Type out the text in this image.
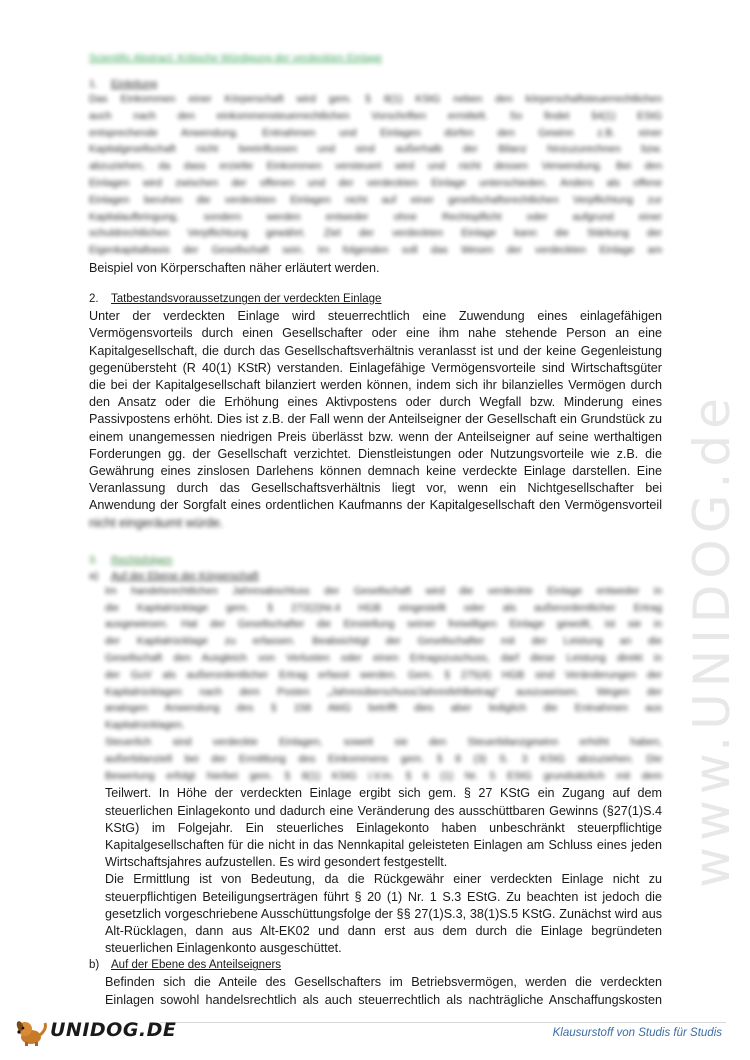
www.UNIDOG.de
Scientific Abstract: Kritische Würdigung der verdeckten Einlage
1. Einleitung
Das Einkommen einer Körperschaft wird gem. § 8(1) KStG neben den körperschaftsteuerrechtlichen
auch nach den einkommensteuerrechtlichen Vorschriften ermittelt. So findet §4(1) EStG
entsprechende Anwendung. Entnahmen und Einlagen dürfen den Gewinn z.B. einer
Kapitalgesellschaft nicht beeinflussen und sind außerhalb der Bilanz hinzuzurechnen bzw.
abzuziehen, da dass erzielte Einkommen versteuert wird und nicht dessen Verwendung. Bei den
Einlagen wird zwischen der offenen und der verdeckten Einlage unterschieden. Anders als offene
Einlagen beruhen die verdeckten Einlagen nicht auf einer gesellschaftsrechtlichen Verpflichtung zur
Kapitalaufbringung, sondern werden entweder ohne Rechtspflicht oder aufgrund einer
schuldrechtlichen Verpflichtung gewährt. Ziel der verdeckten Einlage kann die Stärkung der
Eigenkapitalbasis der Gesellschaft sein. Im folgenden soll das Wesen der verdeckten Einlage am
Beispiel von Körperschaften näher erläutert werden.
2. Tatbestandsvoraussetzungen der verdeckten Einlage
Unter der verdeckten Einlage wird steuerrechtlich eine Zuwendung eines einlagefähigen
Vermögensvorteils durch einen Gesellschafter oder eine ihm nahe stehende Person an eine
Kapitalgesellschaft, die durch das Gesellschaftsverhältnis veranlasst ist und der keine Gegenleistung
gegenübersteht (R 40(1) KStR) verstanden. Einlagefähige Vermögensvorteile sind Wirtschaftsgüter
die bei der Kapitalgesellschaft bilanziert werden können, indem sich ihr bilanzielles Vermögen durch
den Ansatz oder die Erhöhung eines Aktivpostens oder durch Wegfall bzw. Minderung eines
Passivpostens erhöht. Dies ist z.B. der Fall wenn der Anteilseigner der Gesellschaft ein Grundstück zu
einem unangemessen niedrigen Preis überlässt bzw. wenn der Anteilseigner auf seine werthaltigen
Forderungen gg. der Gesellschaft verzichtet. Dienstleistungen oder Nutzungsvorteile wie z.B. die
Gewährung eines zinslosen Darlehens können demnach keine verdeckte Einlage darstellen. Eine
Veranlassung durch das Gesellschaftsverhältnis liegt vor, wenn ein Nichtgesellschafter bei
Anwendung der Sorgfalt eines ordentlichen Kaufmanns der Kapitalgesellschaft den Vermögensvorteil
nicht eingeräumt würde.
3. Rechtsfolgen
a) Auf der Ebene der Körperschaft
Im handelsrechtlichen Jahresabschluss der Gesellschaft wird die verdeckte Einlage entweder in
die Kapitalrücklage gem. § 272(2)Nr.4 HGB eingestellt oder als außerordentlicher Ertrag
ausgewiesen. Hat der Gesellschafter die Einstellung seiner freiwilligen Einlage gewollt, ist sie in
der Kapitalrücklage zu erfassen. Beabsichtigt der Gesellschafter mit der Leistung an die
Gesellschaft den Ausgleich von Verlusten oder einen Ertragszuschuss, darf diese Leistung direkt in
der GuV als außerordentlicher Ertrag erfasst werden. Gem. § 275(4) HGB sind Veränderungen der
Kapitalrücklagen nach dem Posten „Jahresüberschuss/Jahresfehlbetrag“ auszuweisen. Wegen der
analogen Anwendung des § 158 AktG betrifft dies aber lediglich die Entnahmen aus
Kapitalrücklagen.
Steuerlich sind verdeckte Einlagen, soweit sie den Steuerbilanzgewinn erhöht haben,
außerbilanziell bei der Ermittlung des Einkommens gem. § 8 (3) S. 3 KStG abzuziehen. Die
Bewertung erfolgt hierbei gem. § 8(1) KStG i.V.m. § 6 (1) Nr. 5 EStG grundsätzlich mit dem
Teilwert. In Höhe der verdeckten Einlage ergibt sich gem. § 27 KStG ein Zugang auf dem
steuerlichen Einlagekonto und dadurch eine Veränderung des ausschüttbaren Gewinns (§27(1)S.4
KStG) im Folgejahr. Ein steuerliches Einlagekonto haben unbeschränkt steuerpflichtige
Kapitalgesellschaften für die nicht in das Nennkapital geleisteten Einlagen am Schluss eines jeden
Wirtschaftsjahres aufzustellen. Es wird gesondert festgestellt.
Die Ermittlung ist von Bedeutung, da die Rückgewähr einer verdeckten Einlage nicht zu
steuerpflichtigen Beteiligungserträgen führt § 20 (1) Nr. 1 S.3 EStG. Zu beachten ist jedoch die
gesetzlich vorgeschriebene Ausschüttungsfolge der §§ 27(1)S.3, 38(1)S.5 KStG. Zunächst wird aus
Alt-Rücklagen, dann aus Alt-EK02 und dann erst aus dem durch die Einlage begründeten
steuerlichen Einlagenkonto ausgeschüttet.
b) Auf der Ebene des Anteilseigners
Befinden sich die Anteile des Gesellschafters im Betriebsvermögen, werden die verdeckten
Einlagen sowohl handelsrechtlich als auch steuerrechtlich als nachträgliche Anschaffungskosten
UNIDOG.DE	Klausurstoff von Studis für Studis
